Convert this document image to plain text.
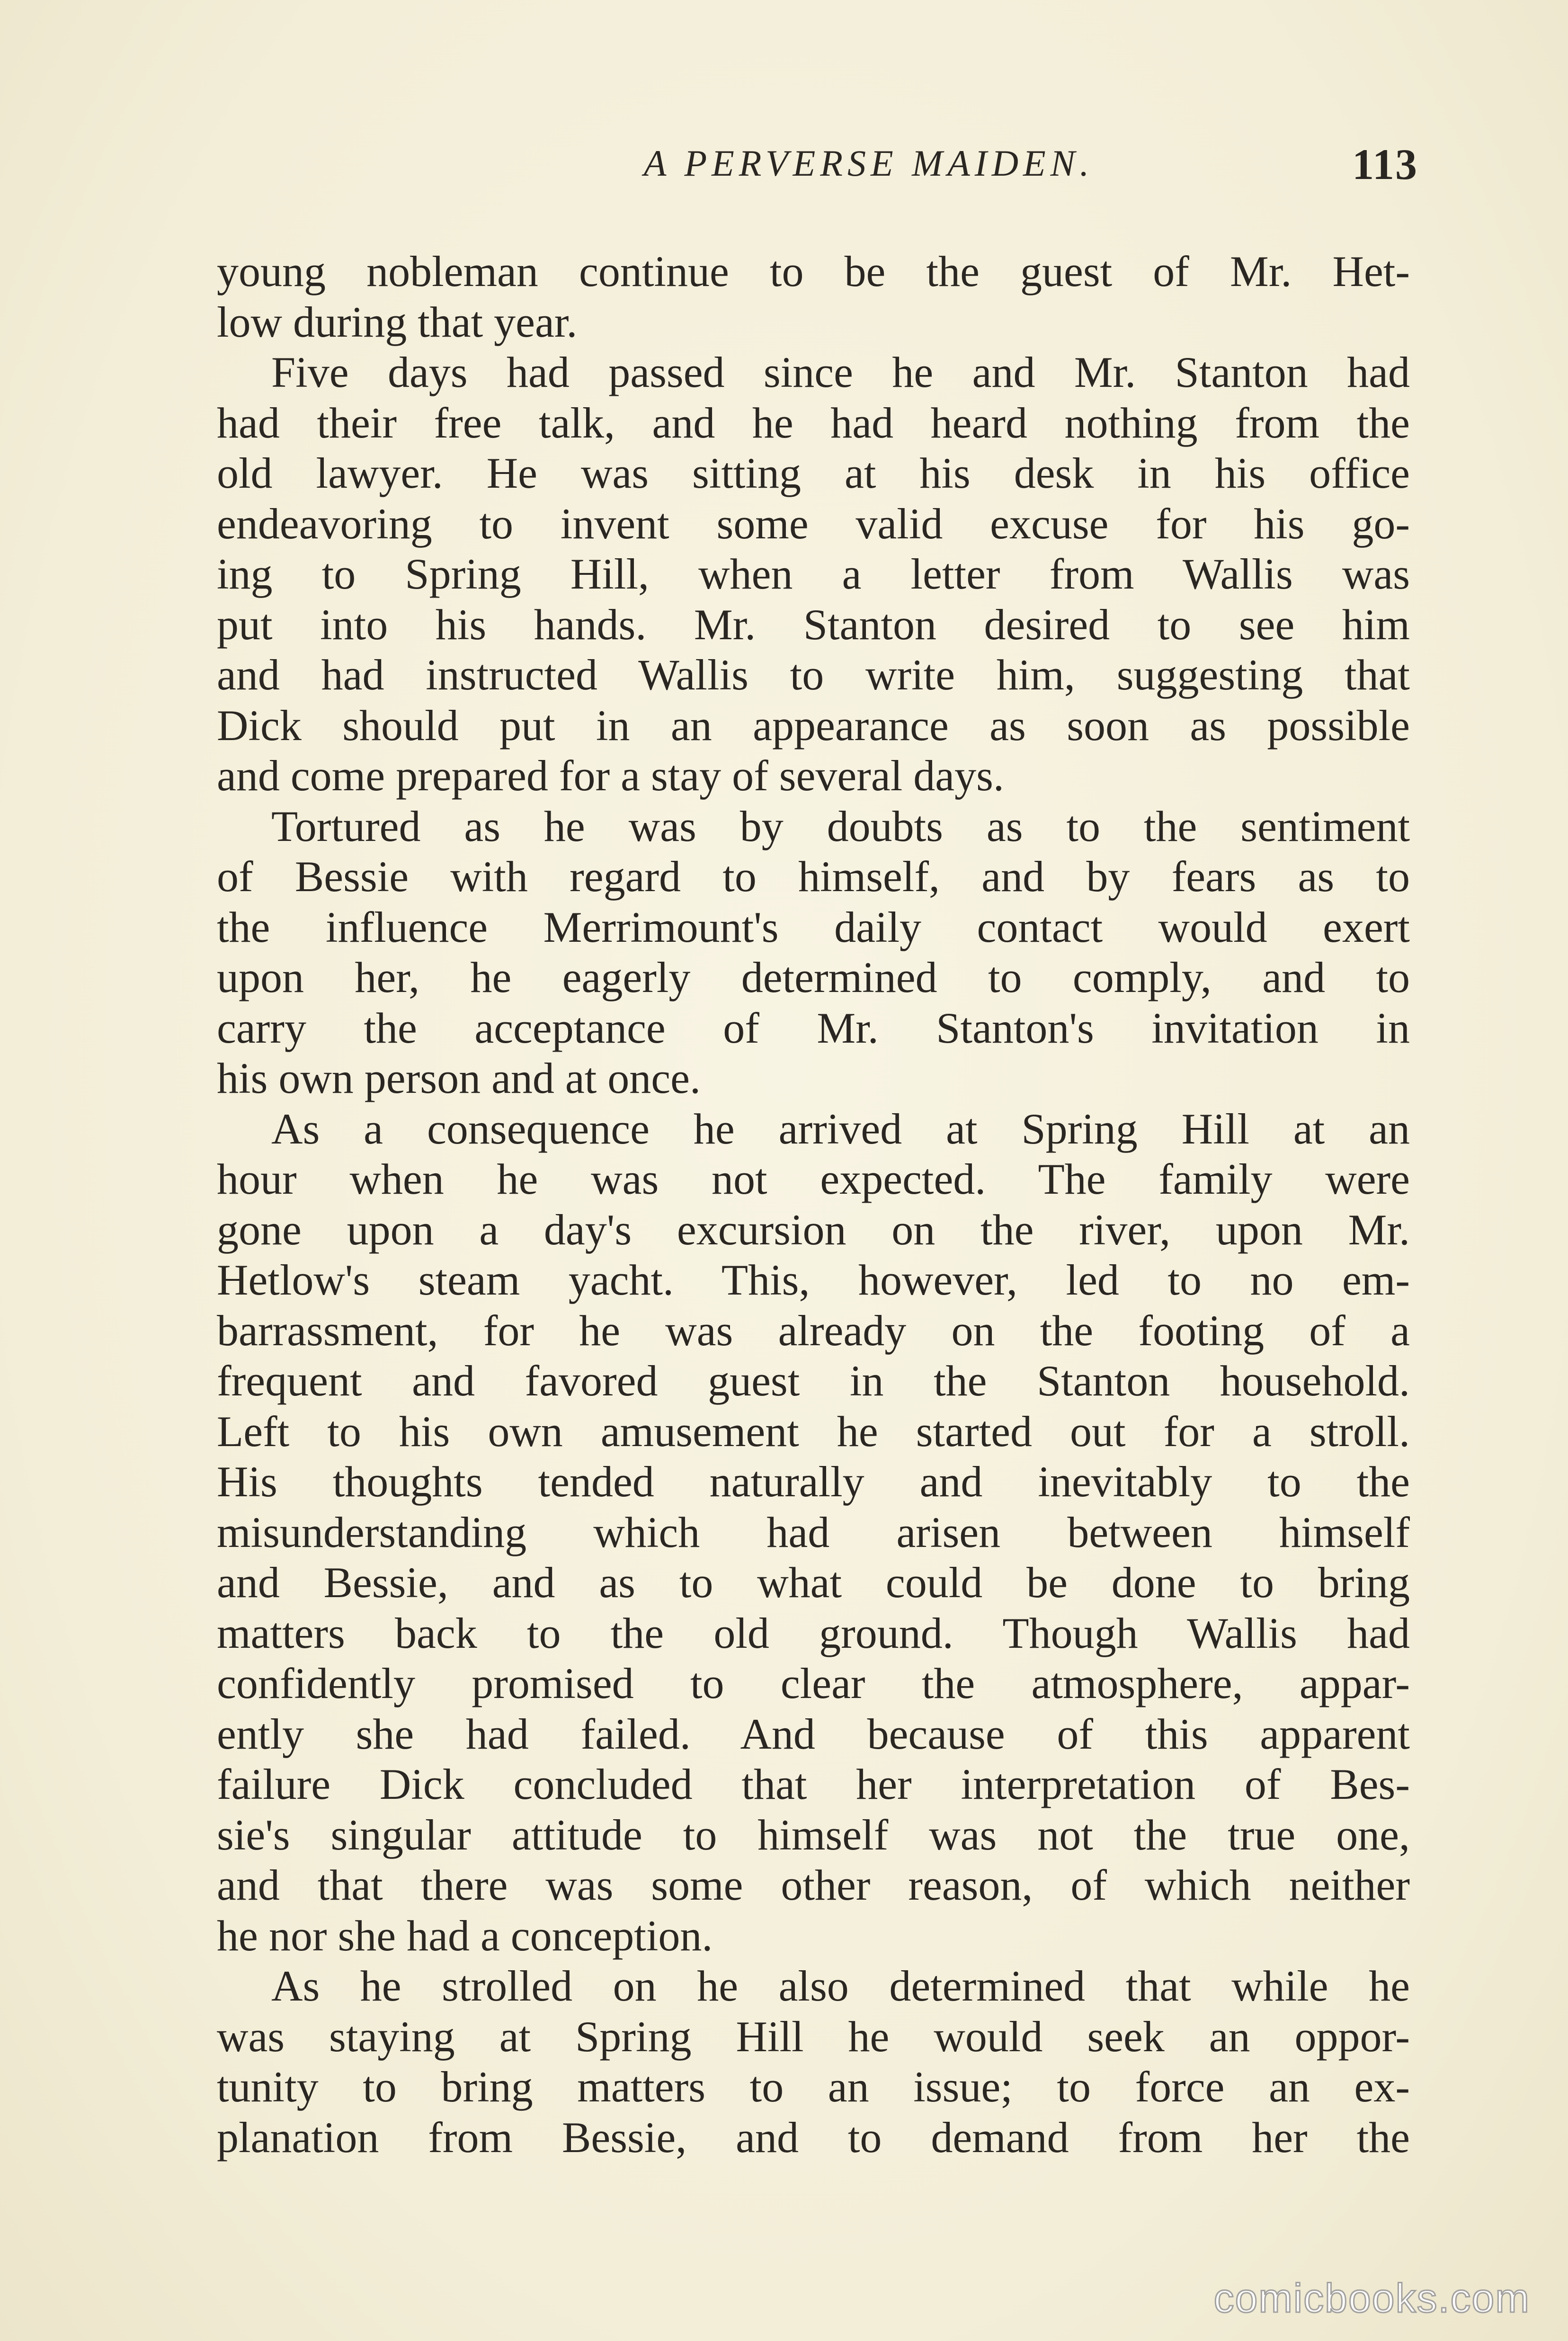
A PERVERSE MAIDEN.	113
young nobleman continue to be the guest of Mr. Het-
low during that year.
Five days had passed since he and Mr. Stanton had
had their free talk, and he had heard nothing from the
old lawyer. He was sitting at his desk in his office
endeavoring to invent some valid excuse for his go-
ing to Spring Hill, when a letter from Wallis was
put into his hands. Mr. Stanton desired to see him
and had instructed Wallis to write him, suggesting that
Dick should put in an appearance as soon as possible
and come prepared for a stay of several days.
Tortured as he was by doubts as to the sentiment
of Bessie with regard to himself, and by fears as to
the influence Merrimount's daily contact would exert
upon her, he eagerly determined to comply, and to
carry the acceptance of Mr. Stanton's invitation in
his own person and at once.
As a consequence he arrived at Spring Hill at an
hour when he was not expected. The family were
gone upon a day's excursion on the river, upon Mr.
Hetlow's steam yacht. This, however, led to no em-
barrassment, for he was already on the footing of a
frequent and favored guest in the Stanton household.
Left to his own amusement he started out for a stroll.
His thoughts tended naturally and inevitably to the
misunderstanding which had arisen between himself
and Bessie, and as to what could be done to bring
matters back to the old ground. Though Wallis had
confidently promised to clear the atmosphere, appar-
ently she had failed. And because of this apparent
failure Dick concluded that her interpretation of Bes-
sie's singular attitude to himself was not the true one,
and that there was some other reason, of which neither
he nor she had a conception.
As he strolled on he also determined that while he
was staying at Spring Hill he would seek an oppor-
tunity to bring matters to an issue; to force an ex-
planation from Bessie, and to demand from her the
comicbooks.com
